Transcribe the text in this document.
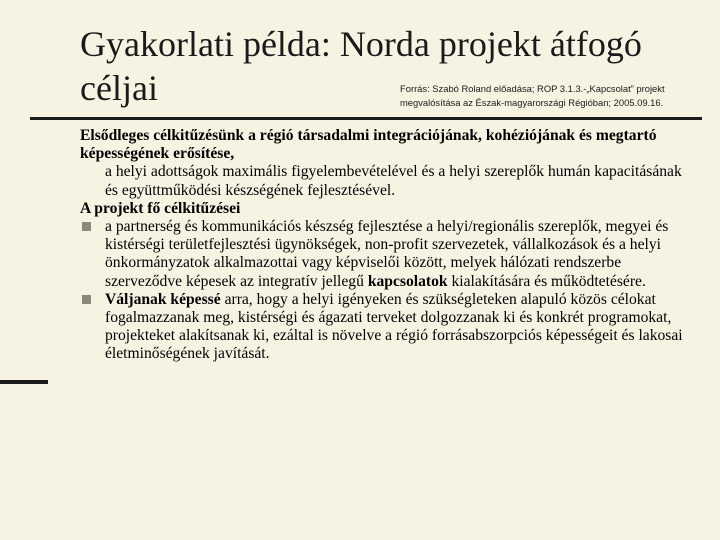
Gyakorlati példa: Norda projekt átfogó céljai	Forrás: Szabó Roland előadása; ROP 3.1.3.-„Kapcsolat” projekt
megvalósítása az Észak-magyarországi Régióban; 2005.09.16.

Elsődleges célkitűzésünk a régió társadalmi integrációjának, kohéziójának és megtartó képességének erősítése,

a helyi adottságok maximális figyelembevételével és a helyi szereplők humán kapacitásának és együttműködési készségének fejlesztésével.

A projekt fő célkitűzései

a partnerség és kommunikációs készség fejlesztése a helyi/regionális szereplők, megyei és kistérségi területfejlesztési ügynökségek, non-profit szervezetek, vállalkozások és a helyi önkormányzatok alkalmazottai vagy képviselői között, melyek hálózati rendszerbe szerveződve képesek az integratív jellegű kapcsolatok kialakítására és működtetésére.

Váljanak képessé arra, hogy a helyi igényeken és szükségleteken alapuló közös célokat fogalmazzanak meg, kistérségi és ágazati terveket dolgozzanak ki és konkrét programokat, projekteket alakítsanak ki, ezáltal is növelve a régió forrásabszorpciós képességeit és lakosai életminőségének javítását.
